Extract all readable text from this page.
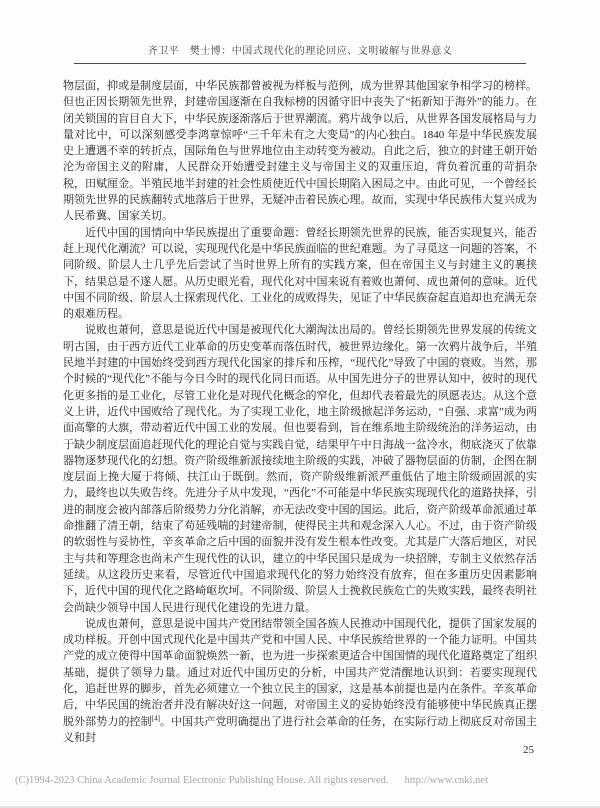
齐卫平　樊士博：中国式现代化的理论回应、文明破解与世界意义

物层面，抑或是制度层面，中华民族都曾被视为样板与范例，成为世界其他国家争相学习的榜样。但也正因长期领先世界，封建帝国逐渐在自我标榜的因循守旧中丧失了“拓新知于海外”的能力。在闭关锁国的盲目自大下，中华民族逐渐落后于世界潮流。鸦片战争以后，从世界各国发展格局与力量对比中，可以深刻感受李鸿章惊呼“三千年未有之大变局”的内心独白。1840 年是中华民族发展史上遭遇不幸的转折点，国际角色与世界地位由主动转变为被动。自此之后，独立的封建王朝开始沦为帝国主义的附庸，人民群众开始遭受封建主义与帝国主义的双重压迫，背负着沉重的苛捐杂税，田赋厘金。半殖民地半封建的社会性质使近代中国长期陷入困局之中。由此可见，一个曾经长期领先世界的民族翻转式地落后于世界，无疑冲击着民族心理。故而，实现中华民族伟大复兴成为人民希冀、国家关切。

近代中国的国情向中华民族提出了重要命题：曾经长期领先世界的民族，能否实现复兴，能否赶上现代化潮流？可以说，实现现代化是中华民族面临的世纪难题。为了寻觅这一问题的答案，不同阶级、阶层人士几乎先后尝试了当时世界上所有的实践方案，但在帝国主义与封建主义的裹挟下，结果总是不遂人愿。从历史眼光看，现代化对中国来说有着败也萧何、成也萧何的意味。近代中国不同阶级、阶层人士探索现代化、工业化的成败得失，见证了中华民族奋起直追却也充满无奈的艰难历程。

说败也萧何，意思是说近代中国是被现代化大潮淘汰出局的。曾经长期领先世界发展的传统文明古国，由于西方近代工业革命的历史变革而落伍时代，被世界边缘化。第一次鸦片战争后，半殖民地半封建的中国始终受到西方现代化国家的排斥和压榨，“现代化”导致了中国的衰败。当然，那个时候的“现代化”不能与今日今时的现代化同日而语。从中国先进分子的世界认知中，彼时的现代化更多指的是工业化，尽管工业化是对现代化概念的窄化，但却代表着最先的夙愿表达。从这个意义上讲，近代中国败给了现代化。为了实现工业化，地主阶级掀起洋务运动，“自强、求富”成为两面高擎的大旗，带动着近代中国工业的发展。但也要看到，旨在维系地主阶级统治的洋务运动，由于缺少制度层面追赶现代化的理论自觉与实践自觉，结果甲午中日海战一盆冷水，彻底浇灭了依靠器物逐梦现代化的幻想。资产阶级维新派接续地主阶级的实践，冲破了器物层面的仿制，企图在制度层面上挽大厦于将倾、扶江山于既倒。然而，资产阶级维新派严重低估了地主阶级顽固派的实力，最终也以失败告终。先进分子从中发现，“西化”不可能是中华民族实现现代化的道路抉择，引进的制度会被内部落后阶级势力分化消解，亦无法改变中国的国运。此后，资产阶级革命派通过革命推翻了清王朝，结束了苟延残喘的封建帝制，使得民主共和观念深入人心。不过，由于资产阶级的软弱性与妥协性，辛亥革命之后中国的面貌并没有发生根本性改变。尤其是广大落后地区，对民主与共和等理念也尚未产生现代性的认识，建立的中华民国只是成为一块招牌，专制主义依然存活延续。从这段历史来看，尽管近代中国追求现代化的努力始终没有放弃，但在多重历史因素影响下，近代中国的现代化之路崎岖坎坷。不同阶级、阶层人士挽救民族危亡的失败实践，最终表明社会尚缺少领导中国人民进行现代化建设的先进力量。

说成也萧何，意思是说中国共产党团结带领全国各族人民推动中国现代化，提供了国家发展的成功样板。开创中国式现代化是中国共产党和中国人民、中华民族给世界的一个能力证明。中国共产党的成立使得中国革命面貌焕然一新，也为进一步探索更适合中国国情的现代化道路奠定了组织基础，提供了领导力量。通过对近代中国历史的分析，中国共产党清醒地认识到：若要实现现代化，追赶世界的脚步，首先必须建立一个独立民主的国家，这是基本前提也是内在条件。辛亥革命后，中华民国的统治者并没有解决好这一问题，对帝国主义的妥协始终没有能够使中华民族真正摆脱外部势力的控制[4]。中国共产党明确提出了进行社会革命的任务，在实际行动上彻底反对帝国主义和封

25
(C)1994-2023 China Academic Journal Electronic Publishing House. All rights reserved. http://www.cnki.net
